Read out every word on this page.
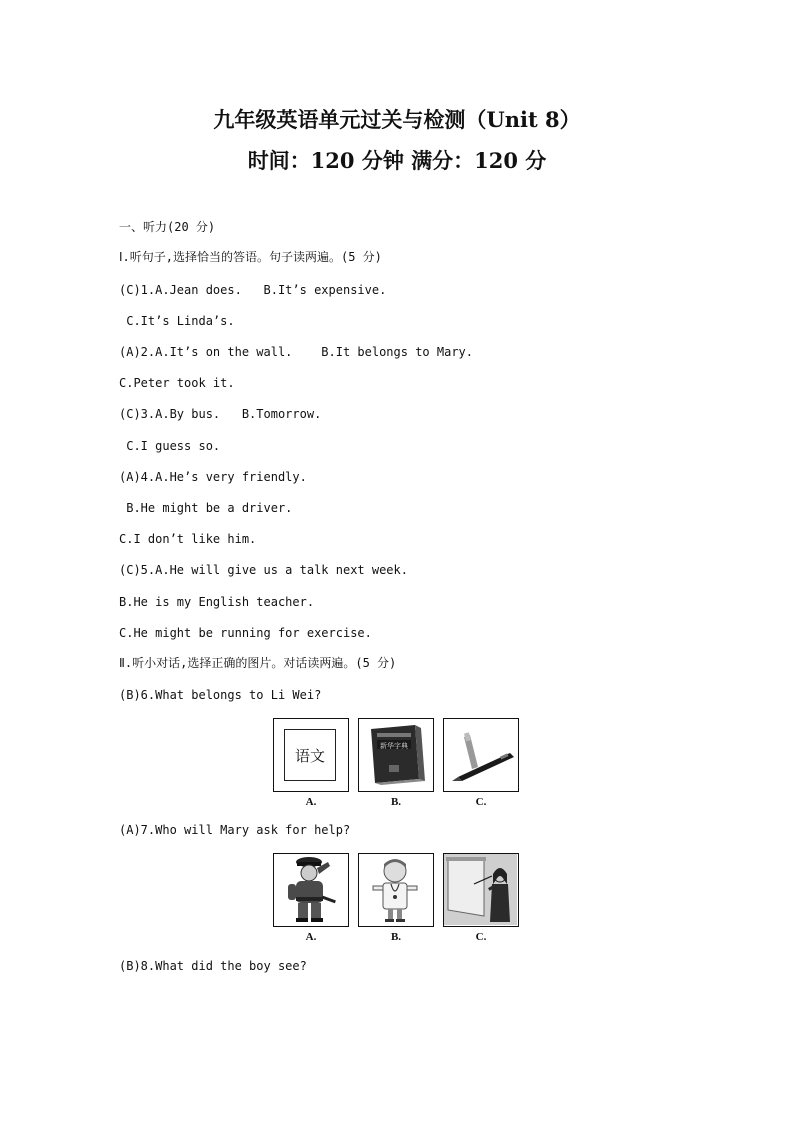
九年级英语单元过关与检测（Unit 8）
时间：120 分钟 满分：120 分
一、听力(20 分)
Ⅰ.听句子,选择恰当的答语。句子读两遍。(5 分)
(C)1.A.Jean does.   B.It’s expensive.
C.It’s Linda’s.
(A)2.A.It’s on the wall.    B.It belongs to Mary.
C.Peter took it.
(C)3.A.By bus.   B.Tomorrow.
C.I guess so.
(A)4.A.He’s very friendly.
B.He might be a driver.
C.I don’t like him.
(C)5.A.He will give us a talk next week.
B.He is my English teacher.
C.He might be running for exercise.
Ⅱ.听小对话,选择正确的图片。对话读两遍。(5 分)
(B)6.What belongs to Li Wei?
语文
新华字典
A.	B.	C.
(A)7.Who will Mary ask for help?
A.	B.	C.
(B)8.What did the boy see?
